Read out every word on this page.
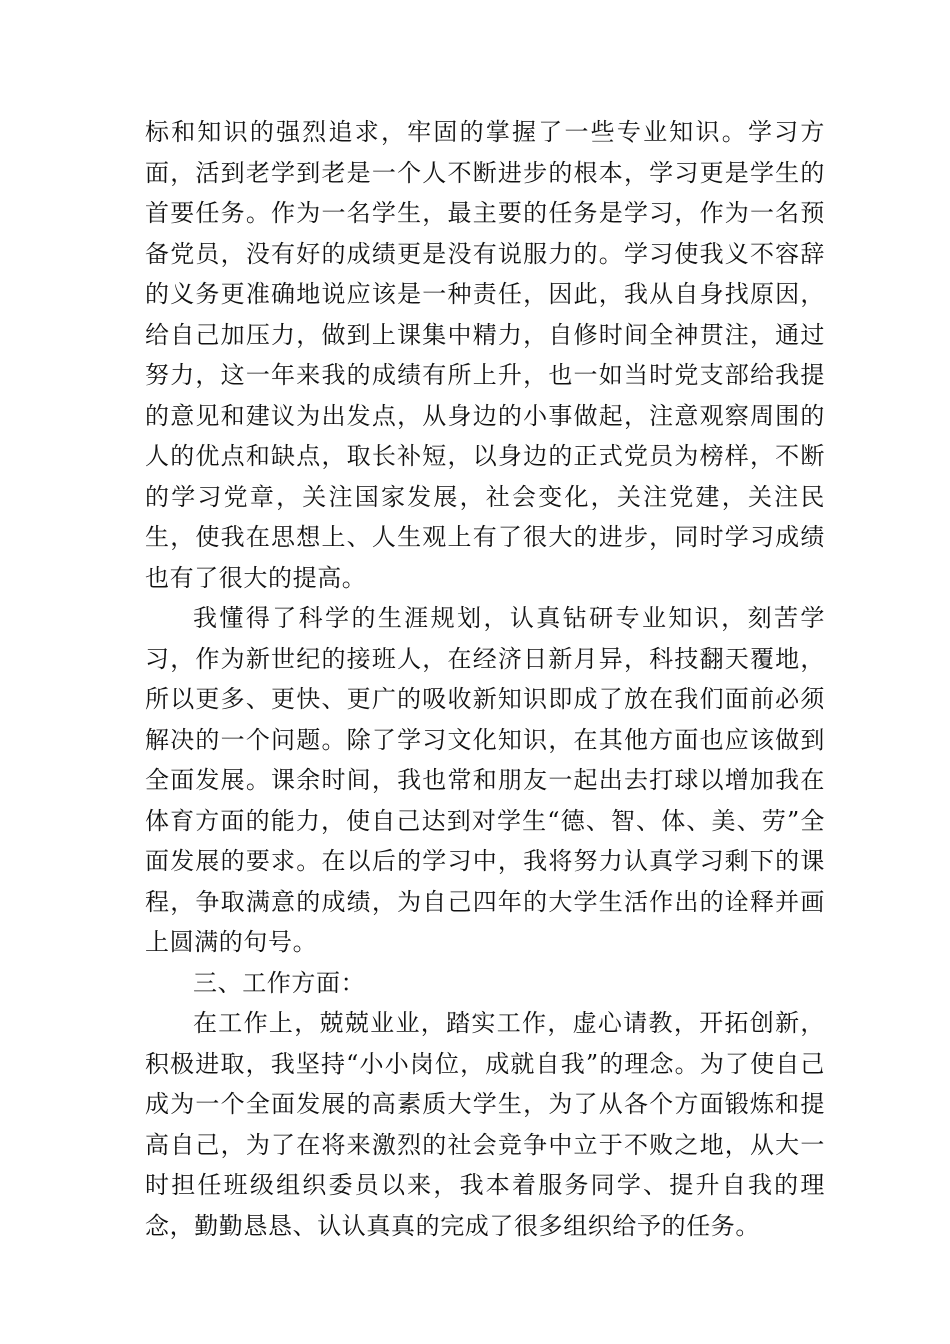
标和知识的强烈追求，牢固的掌握了一些专业知识。学习方面，活到老学到老是一个人不断进步的根本，学习更是学生的首要任务。作为一名学生，最主要的任务是学习，作为一名预备党员，没有好的成绩更是没有说服力的。学习使我义不容辞的义务更准确地说应该是一种责任，因此，我从自身找原因，给自己加压力，做到上课集中精力，自修时间全神贯注，通过努力，这一年来我的成绩有所上升，也一如当时党支部给我提的意见和建议为出发点，从身边的小事做起，注意观察周围的人的优点和缺点，取长补短，以身边的正式党员为榜样，不断的学习党章，关注国家发展，社会变化，关注党建，关注民生，使我在思想上、人生观上有了很大的进步，同时学习成绩也有了很大的提高。

我懂得了科学的生涯规划，认真钻研专业知识，刻苦学习，作为新世纪的接班人，在经济日新月异，科技翻天覆地，所以更多、更快、更广的吸收新知识即成了放在我们面前必须解决的一个问题。除了学习文化知识，在其他方面也应该做到全面发展。课余时间，我也常和朋友一起出去打球以增加我在体育方面的能力，使自己达到对学生“德、智、体、美、劳”全面发展的要求。在以后的学习中，我将努力认真学习剩下的课程，争取满意的成绩，为自己四年的大学生活作出的诠释并画上圆满的句号。

三、工作方面：

在工作上，兢兢业业，踏实工作，虚心请教，开拓创新，积极进取，我坚持“小小岗位，成就自我”的理念。为了使自己成为一个全面发展的高素质大学生，为了从各个方面锻炼和提高自己，为了在将来激烈的社会竞争中立于不败之地，从大一时担任班级组织委员以来，我本着服务同学、提升自我的理念，勤勤恳恳、认认真真的完成了很多组织给予的任务。
